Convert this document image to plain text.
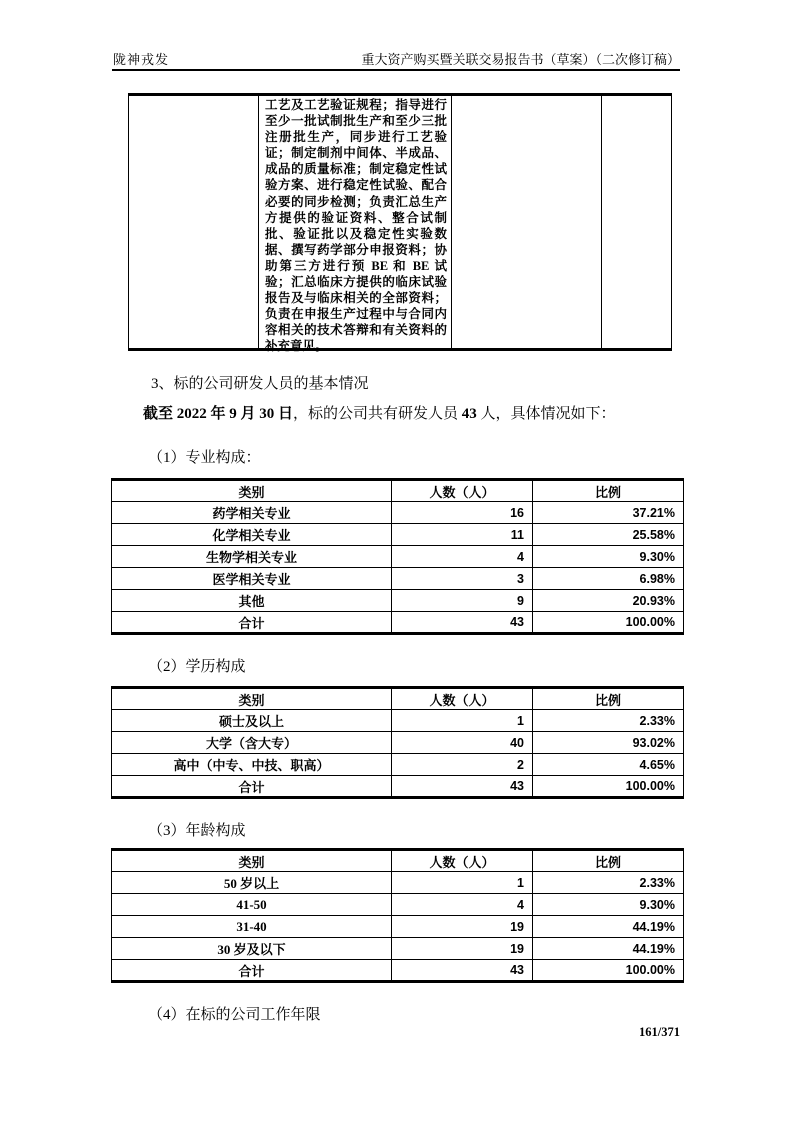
陇神戎发	重大资产购买暨关联交易报告书（草案）（二次修订稿）
工艺及工艺验证规程；指导进行至少一批试制批生产和至少三批注册批生产，同步进行工艺验证；制定制剂中间体、半成品、成品的质量标准；制定稳定性试验方案、进行稳定性试验、配合必要的同步检测；负责汇总生产方提供的验证资料、整合试制批、验证批以及稳定性实验数据、撰写药学部分申报资料；协助第三方进行预 BE 和 BE 试验；汇总临床方提供的临床试验报告及与临床相关的全部资料；负责在申报生产过程中与合同内容相关的技术答辩和有关资料的补充意见。
3、标的公司研发人员的基本情况
截至 2022 年 9 月 30 日，标的公司共有研发人员 43 人，具体情况如下：
（1）专业构成：
类别	人数（人）	比例
药学相关专业	16	37.21%
化学相关专业	11	25.58%
生物学相关专业	4	9.30%
医学相关专业	3	6.98%
其他	9	20.93%
合计	43	100.00%
（2）学历构成
类别	人数（人）	比例
硕士及以上	1	2.33%
大学（含大专）	40	93.02%
高中（中专、中技、职高）	2	4.65%
合计	43	100.00%
（3）年龄构成
类别	人数（人）	比例
50 岁以上	1	2.33%
41-50	4	9.30%
31-40	19	44.19%
30 岁及以下	19	44.19%
合计	43	100.00%
（4）在标的公司工作年限
161/371
